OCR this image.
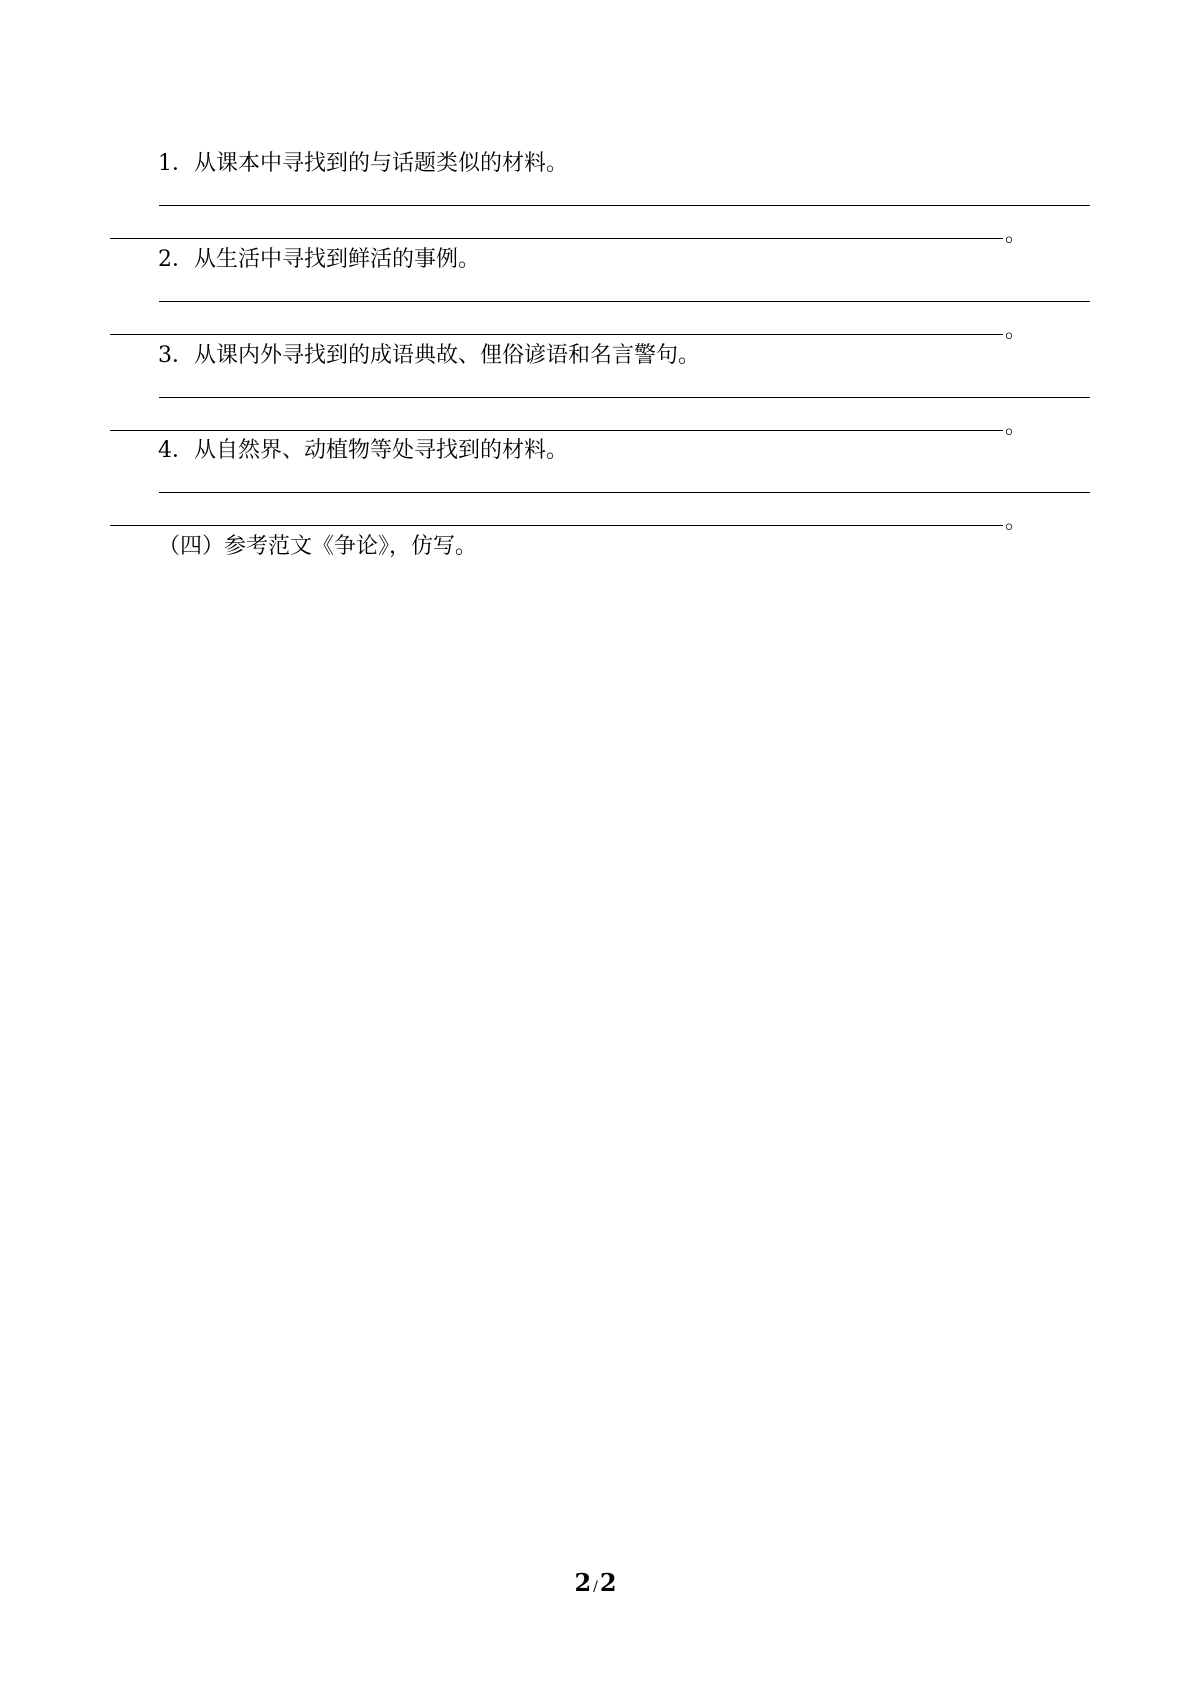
1．从课本中寻找到的与话题类似的材料。
。
2．从生活中寻找到鲜活的事例。
。
3．从课内外寻找到的成语典故、俚俗谚语和名言警句。
。
4．从自然界、动植物等处寻找到的材料。
。
（四）参考范文《争论》，仿写。
2 /2
